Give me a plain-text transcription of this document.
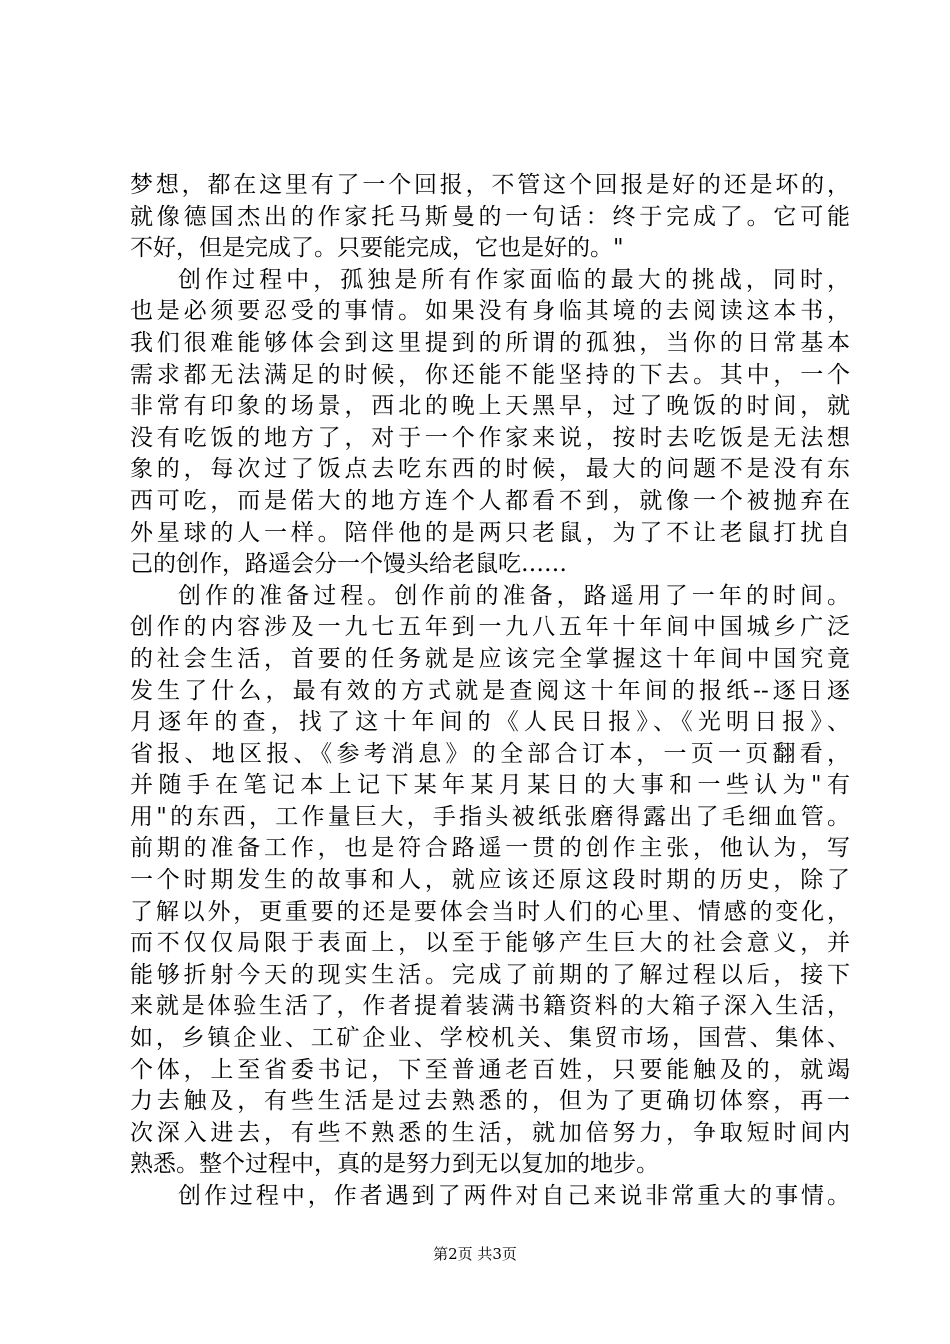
梦想，都在这里有了一个回报，不管这个回报是好的还是坏的，
就像德国杰出的作家托马斯曼的一句话：终于完成了。它可能
不好，但是完成了。只要能完成，它也是好的。"
创作过程中，孤独是所有作家面临的最大的挑战，同时，
也是必须要忍受的事情。如果没有身临其境的去阅读这本书，
我们很难能够体会到这里提到的所谓的孤独，当你的日常基本
需求都无法满足的时候，你还能不能坚持的下去。其中，一个
非常有印象的场景，西北的晚上天黑早，过了晚饭的时间，就
没有吃饭的地方了，对于一个作家来说，按时去吃饭是无法想
象的，每次过了饭点去吃东西的时候，最大的问题不是没有东
西可吃，而是偌大的地方连个人都看不到，就像一个被抛弃在
外星球的人一样。陪伴他的是两只老鼠，为了不让老鼠打扰自
己的创作，路遥会分一个馒头给老鼠吃……
创作的准备过程。创作前的准备，路遥用了一年的时间。
创作的内容涉及一九七五年到一九八五年十年间中国城乡广泛
的社会生活，首要的任务就是应该完全掌握这十年间中国究竟
发生了什么，最有效的方式就是查阅这十年间的报纸--逐日逐
月逐年的查，找了这十年间的《人民日报》、《光明日报》、
省报、地区报、《参考消息》的全部合订本，一页一页翻看，
并随手在笔记本上记下某年某月某日的大事和一些认为"有
用"的东西，工作量巨大，手指头被纸张磨得露出了毛细血管。
前期的准备工作，也是符合路遥一贯的创作主张，他认为，写
一个时期发生的故事和人，就应该还原这段时期的历史，除了
了解以外，更重要的还是要体会当时人们的心里、情感的变化，
而不仅仅局限于表面上，以至于能够产生巨大的社会意义，并
能够折射今天的现实生活。完成了前期的了解过程以后，接下
来就是体验生活了，作者提着装满书籍资料的大箱子深入生活，
如，乡镇企业、工矿企业、学校机关、集贸市场，国营、集体、
个体，上至省委书记，下至普通老百姓，只要能触及的，就竭
力去触及，有些生活是过去熟悉的，但为了更确切体察，再一
次深入进去，有些不熟悉的生活，就加倍努力，争取短时间内
熟悉。整个过程中，真的是努力到无以复加的地步。
创作过程中，作者遇到了两件对自己来说非常重大的事情。
第2页 共3页
